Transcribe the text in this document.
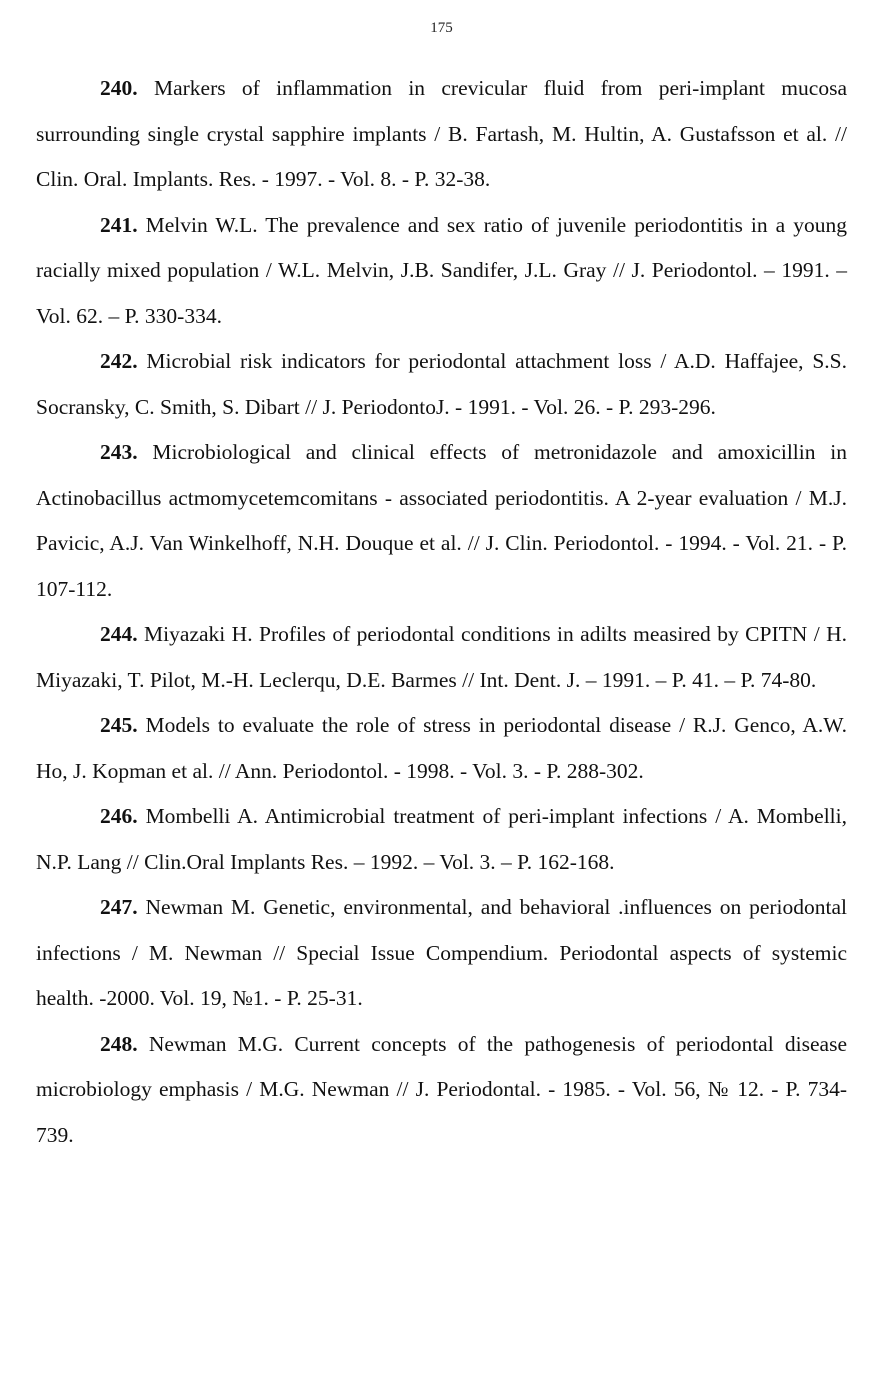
175
240. Markers of inflammation in crevicular fluid from peri-implant mucosa surrounding single crystal sapphire implants / B. Fartash, M. Hultin, A. Gustafsson et al. // Clin. Oral. Implants. Res. - 1997. - Vol. 8. - P. 32-38.
241. Melvin W.L. The prevalence and sex ratio of juvenile periodontitis in a young racially mixed population / W.L. Melvin, J.B. Sandifer, J.L. Gray // J. Periodontol. – 1991. – Vol. 62. – P. 330-334.
242. Microbial risk indicators for periodontal attachment loss / A.D. Haffajee, S.S. Socransky, C. Smith, S. Dibart // J. PeriodontoJ. - 1991. - Vol. 26. - P. 293-296.
243. Microbiological and clinical effects of metronidazole and amoxicillin in Actinobacillus actmomycetemcomitans - associated periodontitis. A 2-year evaluation / M.J. Pavicic, A.J. Van Winkelhoff, N.H. Douque et al. // J. Clin. Periodontol. - 1994. - Vol. 21. - P. 107-112.
244. Miyazaki H. Profiles of periodontal conditions in adilts measired by CPITN / H. Miyazaki, T. Pilot, M.-H. Leclerqu, D.E. Barmes // Int. Dent. J. – 1991. – P. 41. – P. 74-80.
245. Models to evaluate the role of stress in periodontal disease / R.J. Genco, A.W. Ho, J. Kopman et al. // Ann. Periodontol. - 1998. - Vol. 3. - P. 288-302.
246. Mombelli A. Antimicrobial treatment of peri-implant infections / A. Mombelli, N.P. Lang // Clin.Oral Implants Res. – 1992. – Vol. 3. – P. 162-168.
247. Newman M. Genetic, environmental, and behavioral .influences on periodontal infections / M. Newman // Special Issue Compendium. Periodontal aspects of systemic health. -2000. Vol. 19, №1. - P. 25-31.
248. Newman M.G. Current concepts of the pathogenesis of periodontal disease microbiology emphasis / M.G. Newman // J. Periodontal. - 1985. - Vol. 56, № 12. - P. 734-739.
